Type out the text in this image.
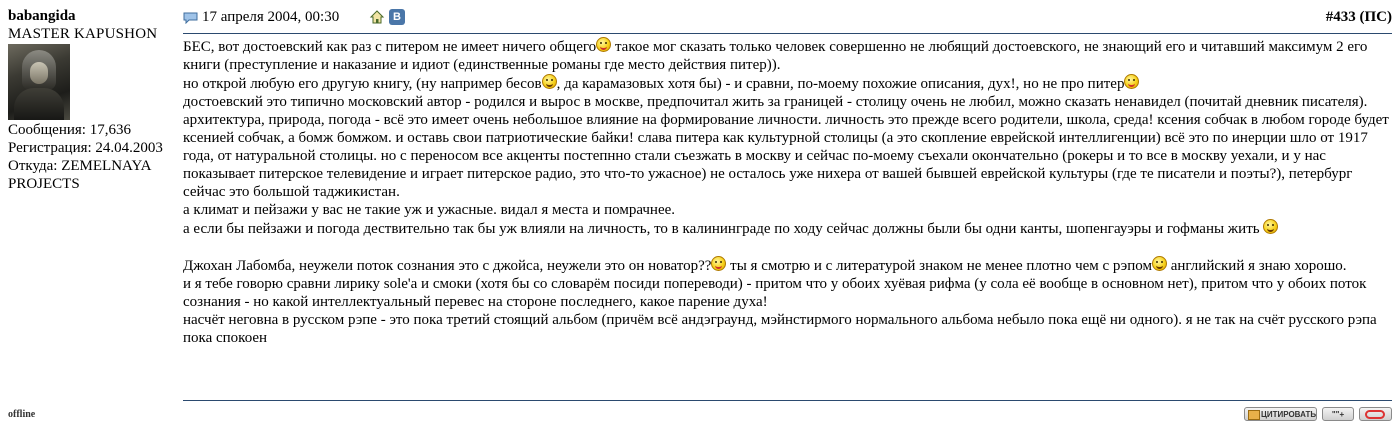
babangida
MASTER KAPUSHON
Сообщения: 17,636
Регистрация: 24.04.2003
Откуда: ZEMELNAYA PROJECTS
offline
17 апреля 2004, 00:30	В	#433 (ПС)

БЕС, вот достоевский как раз с питером не имеет ничего общего такое мог сказать только человек совершенно не любящий достоевского, не знающий его и читавший максимум 2 его книги (преступление и наказание и идиот (единственные романы где место действия питер)).

но открой любую его другую книгу, (ну например бесов , да карамазовых хотя бы) - и сравни, по-моему похожие описания, дух!, но не про питер

достоевский это типично московский автор - родился и вырос в москве, предпочитал жить за границей - столицу очень не любил, можно сказать ненавидел (почитай дневник писателя).

архитектура, природа, погода - всё это имеет очень небольшое влияние на формирование личности. личность это прежде всего родители, школа, среда! ксения собчак в любом городе будет ксенией собчак, а бомж бомжом. и оставь свои патриотические байки! слава питера как культурной столицы (а это скопление еврейской интеллигенции) всё это по инерции шло от 1917 года, от натуральной столицы. но с переносом все акценты постепнно стали съезжать в москву и сейчас по-моему съехали окончательно (рокеры и то все в москву уехали, и у нас показывает питерское телевидение и играет питерское радио, это что-то ужасное) не осталось уже нихера от вашей бывшей еврейской культуры (где те писатели и поэты?), петербург сейчас это большой таджикистан.

а климат и пейзажи у вас не такие уж и ужасные. видал я места и помрачнее.

а если бы пейзажи и погода дествительно так бы уж влияли на личность, то в калининграде по ходу сейчас должны были бы одни канты, шопенгауэры и гофманы жить

Джохан Лабомба, неужели поток сознания это с джойса, неужели это он новатор?? ты я смотрю и с литературой знаком не менее плотно чем с рэпом английский я знаю хорошо.

и я тебе говорю сравни лирику sole'а и смоки (хотя бы со словарём посиди попереводи) - притом что у обоих хуёвая рифма (у сола её вообще в основном нет), притом что у обоих поток сознания - но какой интеллектуальный перевес на стороне последнего, какое парение духа!

насчёт неговна в русском рэпе - это пока третий стоящий альбом (причём всё андэграунд, мэйнстирмого нормального альбома небыло пока ещё ни одного). я не так на счёт русского рэпа пока спокоен

ЦИТИРОВАТЬ	""+
